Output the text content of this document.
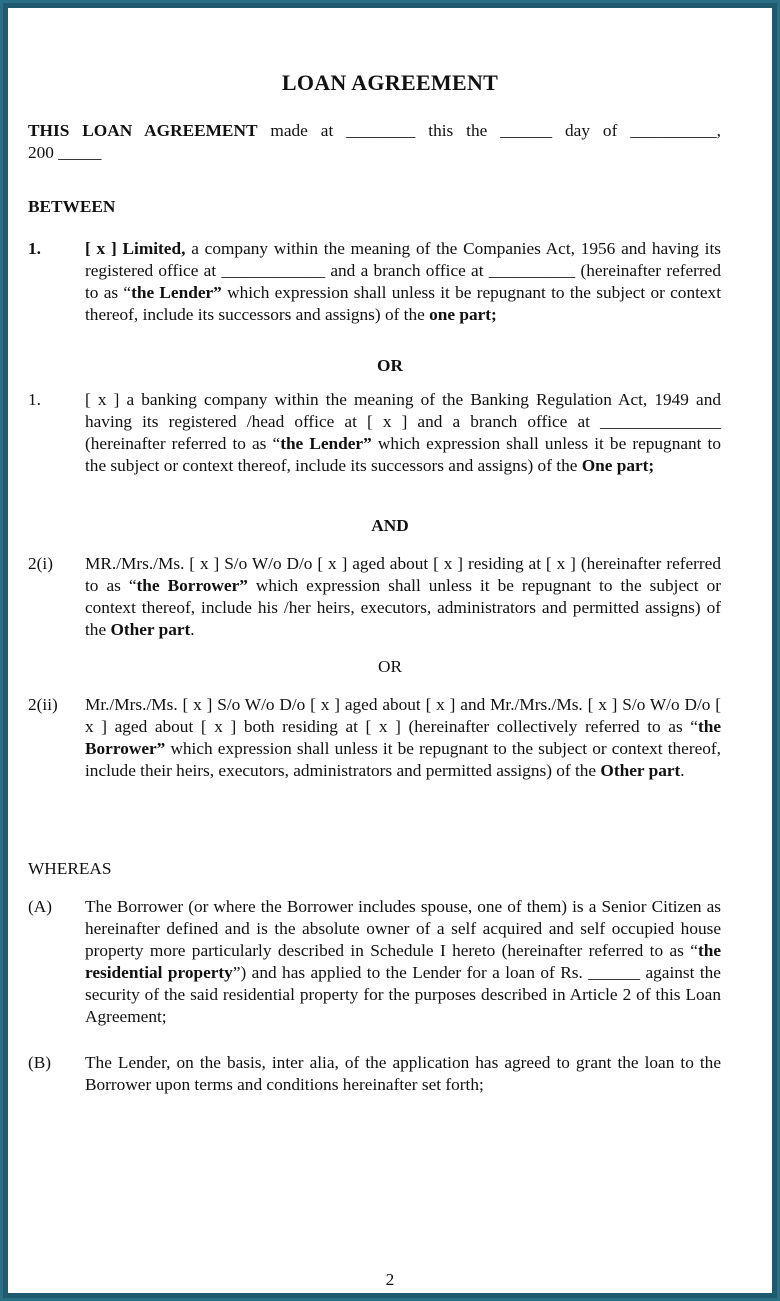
LOAN AGREEMENT
THIS LOAN AGREEMENT made at ________ this the ______ day of __________,
200 _____
BETWEEN
1.	[ x ] Limited, a company within the meaning of the Companies Act, 1956 and having its registered office at ____________ and a branch office at __________ (hereinafter referred to as “the Lender” which expression shall unless it be repugnant to the subject or context thereof, include its successors and assigns) of the one part;
OR
1.	[ x ] a banking company within the meaning of the Banking Regulation Act, 1949 and having its registered /head office at [ x ] and a branch office at ______________ (hereinafter referred to as “the Lender” which expression shall unless it be repugnant to the subject or context thereof, include its successors and assigns) of the One part;
AND
2(i) MR./Mrs./Ms. [ x ] S/o W/o D/o [ x ] aged about [ x ] residing at [ x ] (hereinafter referred to as “the Borrower” which expression shall unless it be repugnant to the subject or context thereof, include his /her heirs, executors, administrators and permitted assigns) of the Other part.
OR
2(ii) Mr./Mrs./Ms. [ x ] S/o W/o D/o [ x ] aged about [ x ] and Mr./Mrs./Ms. [ x ] S/o W/o D/o [ x ] aged about [ x ] both residing at [ x ] (hereinafter collectively referred to as “the Borrower” which expression shall unless it be repugnant to the subject or context thereof, include their heirs, executors, administrators and permitted assigns) of the Other part.
WHEREAS
(A) The Borrower (or where the Borrower includes spouse, one of them) is a Senior Citizen as hereinafter defined and is the absolute owner of a self acquired and self occupied house property more particularly described in Schedule I hereto (hereinafter referred to as “the residential property”) and has applied to the Lender for a loan of Rs. ______ against the security of the said residential property for the purposes described in Article 2 of this Loan Agreement;
(B) The Lender, on the basis, inter alia, of the application has agreed to grant the loan to the Borrower upon terms and conditions hereinafter set forth;
2
